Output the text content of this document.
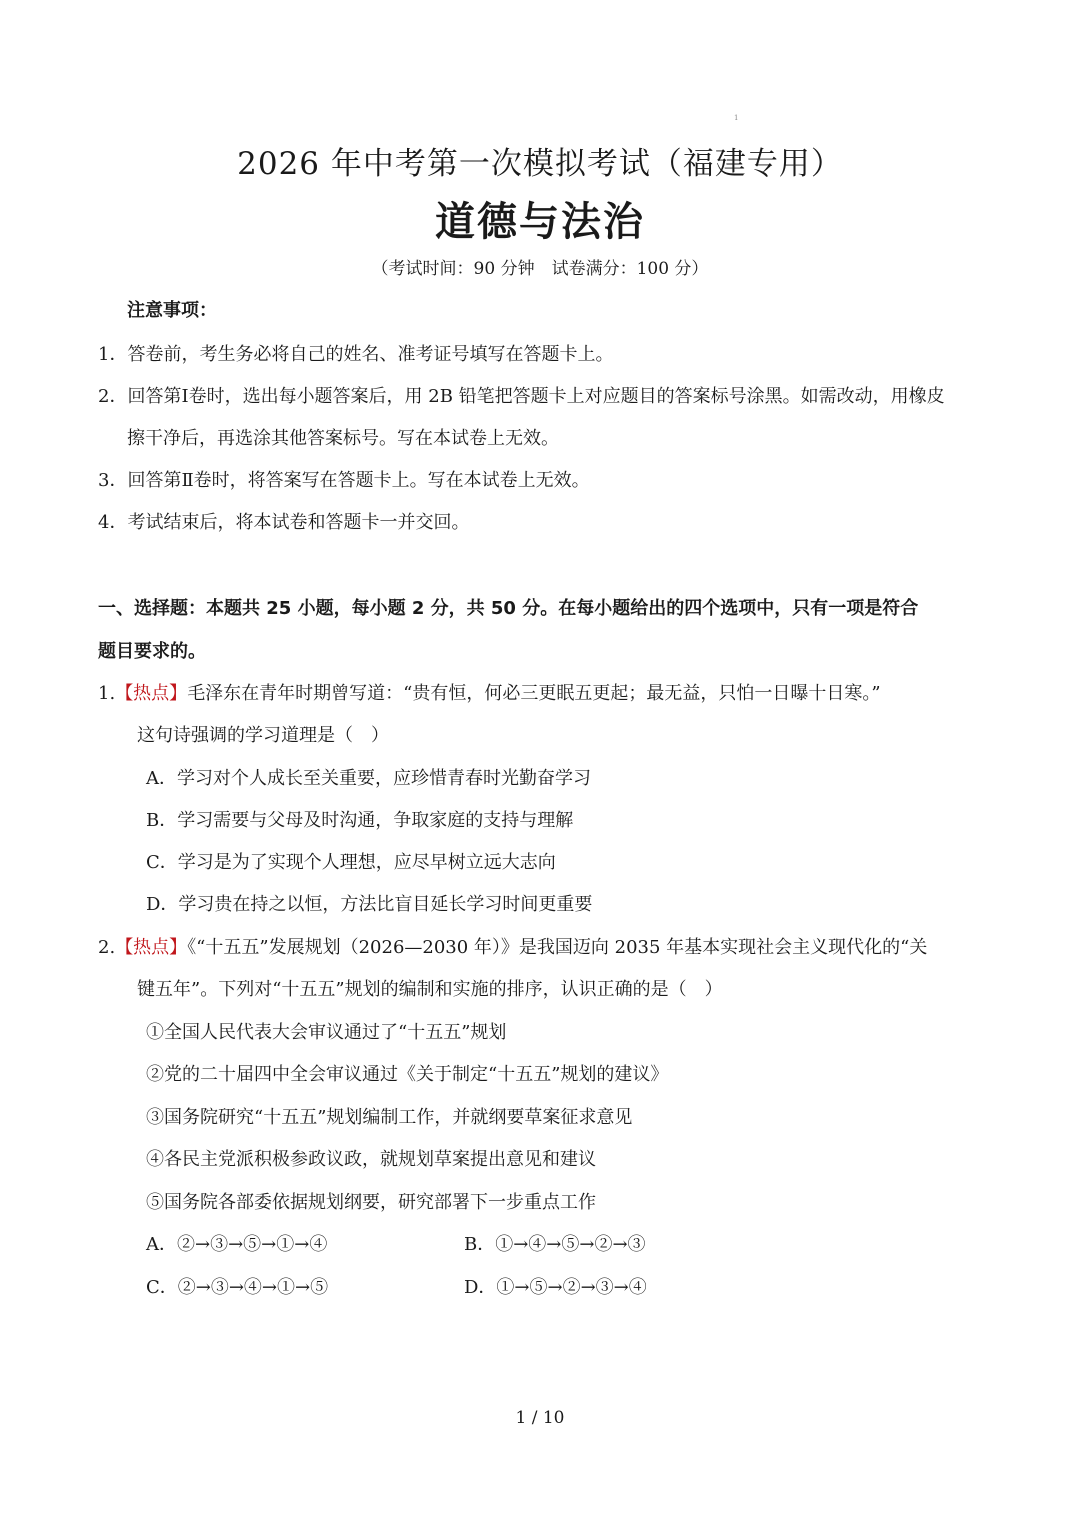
1
2026 年中考第一次模拟考试（福建专用）
道德与法治
（考试时间：90 分钟　试卷满分：100 分）
注意事项：
1．答卷前，考生务必将自己的姓名、准考证号填写在答题卡上。
2．回答第Ⅰ卷时，选出每小题答案后，用 2B 铅笔把答题卡上对应题目的答案标号涂黑。如需改动，用橡皮
擦干净后，再选涂其他答案标号。写在本试卷上无效。
3．回答第Ⅱ卷时，将答案写在答题卡上。写在本试卷上无效。
4．考试结束后，将本试卷和答题卡一并交回。
一、选择题：本题共 25 小题，每小题 2 分，共 50 分。在每小题给出的四个选项中，只有一项是符合
题目要求的。
1.【热点】毛泽东在青年时期曾写道：“贵有恒，何必三更眠五更起；最无益，只怕一日曝十日寒。”
这句诗强调的学习道理是（　）
A．学习对个人成长至关重要，应珍惜青春时光勤奋学习
B．学习需要与父母及时沟通，争取家庭的支持与理解
C．学习是为了实现个人理想，应尽早树立远大志向
D．学习贵在持之以恒，方法比盲目延长学习时间更重要
2.【热点】《“十五五”发展规划（2026—2030 年）》是我国迈向 2035 年基本实现社会主义现代化的“关
键五年”。下列对“十五五”规划的编制和实施的排序，认识正确的是（　）
①全国人民代表大会审议通过了“十五五”规划
②党的二十届四中全会审议通过《关于制定“十五五”规划的建议》
③国务院研究“十五五”规划编制工作，并就纲要草案征求意见
④各民主党派积极参政议政，就规划草案提出意见和建议
⑤国务院各部委依据规划纲要，研究部署下一步重点工作
A．②→③→⑤→①→④	B．①→④→⑤→②→③
C．②→③→④→①→⑤	D．①→⑤→②→③→④
1 / 10
